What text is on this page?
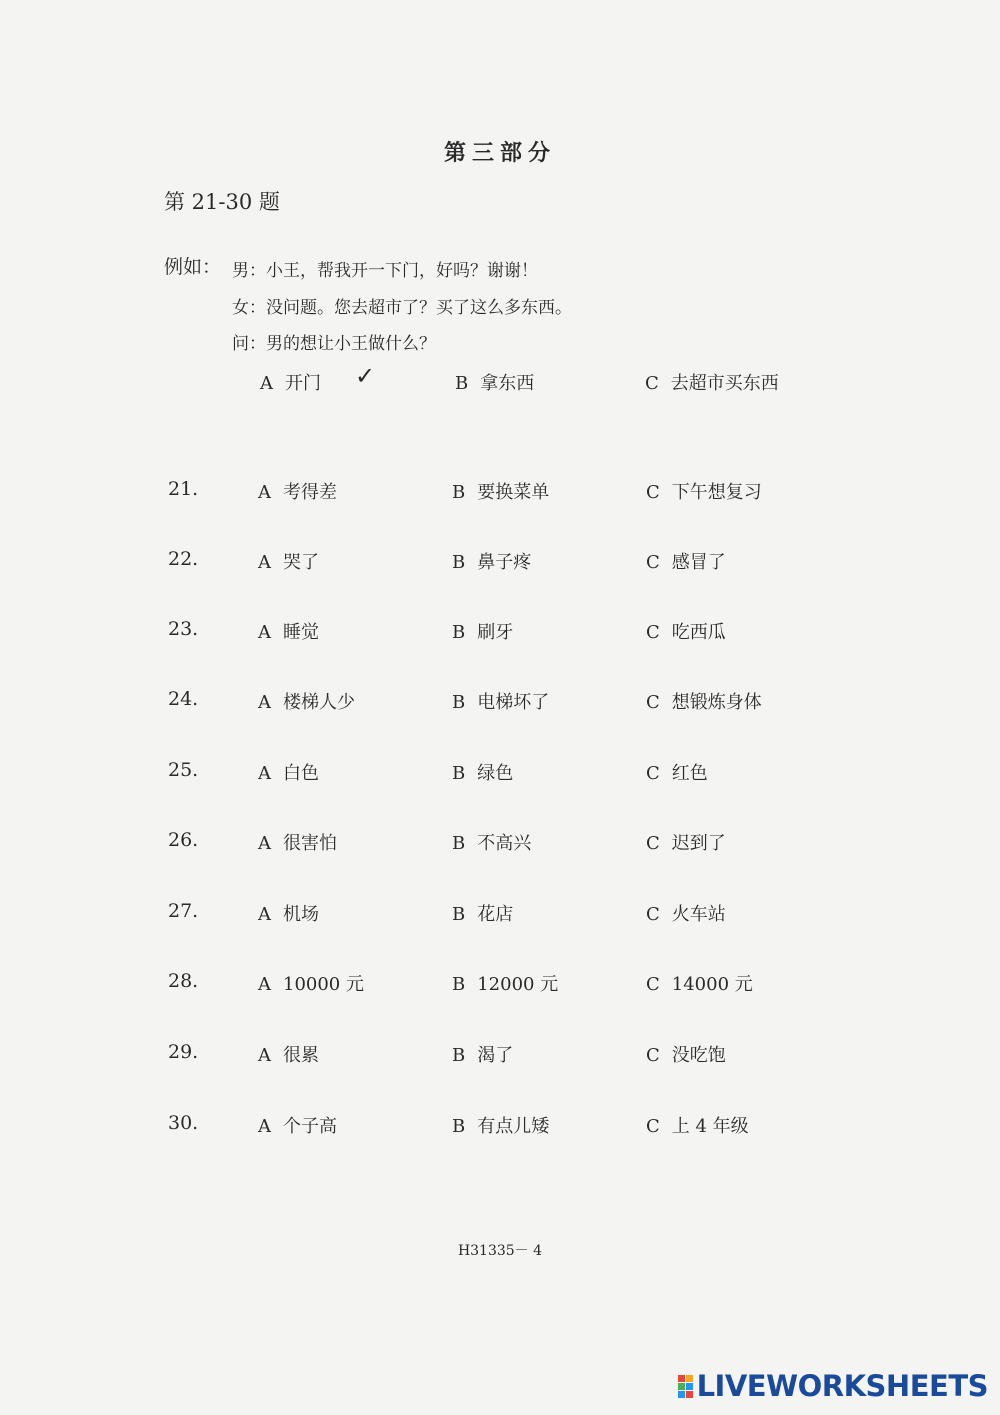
第三部分
第 21-30 题
例如： 男：小王，帮我开一下门，好吗？谢谢！
女：没问题。您去超市了？买了这么多东西。
问：男的想让小王做什么？
A 开门 ✓	B 拿东西	C 去超市买东西
21.	A 考得差	B 要换菜单	C 下午想复习
22.	A 哭了	B 鼻子疼	C 感冒了
23.	A 睡觉	B 刷牙	C 吃西瓜
24.	A 楼梯人少	B 电梯坏了	C 想锻炼身体
25.	A 白色	B 绿色	C 红色
26.	A 很害怕	B 不高兴	C 迟到了
27.	A 机场	B 花店	C 火车站
28.	A 10000 元	B 12000 元	C 14000 元
29.	A 很累	B 渴了	C 没吃饱
30.	A 个子高	B 有点儿矮	C 上 4 年级
H31335－ 4
LIVEWORKSHEETS
